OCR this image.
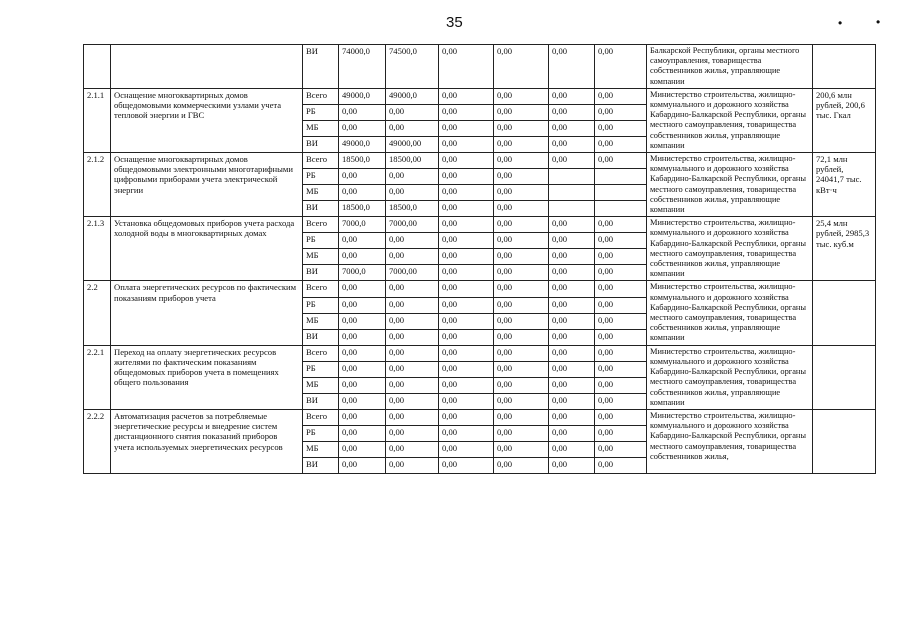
35	•	•
		ВИ	74000,0	74500,0	0,00	0,00	0,00	0,00	Балкарской Республики, органы местного самоуправления, товарищества собственников жилья, управляющие компании	
2.1.1	Оснащение многоквартирных домов общедомовыми коммерческими узлами учета тепловой энергии и ГВС	Всего	49000,0	49000,0	0,00	0,00	0,00	0,00	Министерство строительства, жилищно-коммунального и дорожного хозяйства Кабардино-Балкарской Республики, органы местного самоуправления, товарищества собственников жилья, управляющие компании	200,6 млн рублей, 200,6 тыс. Гкал
		РБ	0,00	0,00	0,00	0,00	0,00	0,00		
		МБ	0,00	0,00	0,00	0,00	0,00	0,00		
		ВИ	49000,0	49000,00	0,00	0,00	0,00	0,00		
2.1.2	Оснащение многоквартирных домов общедомовыми электронными многотарифными цифровыми приборами учета электрической энергии	Всего	18500,0	18500,00	0,00	0,00	0,00	0,00	Министерство строительства, жилищно-коммунального и дорожного хозяйства Кабардино-Балкарской Республики, органы местного самоуправления, товарищества собственников жилья, управляющие компании	72,1 млн рублей, 24041,7 тыс. кВт·ч
		РБ	0,00	0,00	0,00	0,00				
		МБ	0,00	0,00	0,00	0,00				
		ВИ	18500,0	18500,0	0,00	0,00				
2.1.3	Установка общедомовых приборов учета расхода холодной воды в многоквартирных домах	Всего	7000,0	7000,00	0,00	0,00	0,00	0,00	Министерство строительства, жилищно-коммунального и дорожного хозяйства Кабардино-Балкарской Республики, органы местного самоуправления, товарищества собственников жилья, управляющие компании	25,4 млн рублей, 2985,3 тыс. куб.м
		РБ	0,00	0,00	0,00	0,00	0,00	0,00		
		МБ	0,00	0,00	0,00	0,00	0,00	0,00		
		ВИ	7000,0	7000,00	0,00	0,00	0,00	0,00		
2.2	Оплата энергетических ресурсов по фактическим показаниям приборов учета	Всего	0,00	0,00	0,00	0,00	0,00	0,00	Министерство строительства, жилищно-коммунального и дорожного хозяйства Кабардино-Балкарской Республики, органы местного самоуправления, товарищества собственников жилья, управляющие компании	
		РБ	0,00	0,00	0,00	0,00	0,00	0,00		
		МБ	0,00	0,00	0,00	0,00	0,00	0,00		
		ВИ	0,00	0,00	0,00	0,00	0,00	0,00		
2.2.1	Переход на оплату энергетических ресурсов жителями по фактическим показаниям общедомовых приборов учета в помещениях общего пользования	Всего	0,00	0,00	0,00	0,00	0,00	0,00	Министерство строительства, жилищно-коммунального и дорожного хозяйства Кабардино-Балкарской Республики, органы местного самоуправления, товарищества собственников жилья, управляющие компании	
		РБ	0,00	0,00	0,00	0,00	0,00	0,00		
		МБ	0,00	0,00	0,00	0,00	0,00	0,00		
		ВИ	0,00	0,00	0,00	0,00	0,00	0,00		
2.2.2	Автоматизация расчетов за потребляемые энергетические ресурсы и внедрение систем дистанционного снятия показаний приборов учета используемых энергетических ресурсов	Всего	0,00	0,00	0,00	0,00	0,00	0,00	Министерство строительства, жилищно-коммунального и дорожного хозяйства Кабардино-Балкарской Республики, органы местного самоуправления, товарищества собственников жилья,	
		РБ	0,00	0,00	0,00	0,00	0,00	0,00		
		МБ	0,00	0,00	0,00	0,00	0,00	0,00		
		ВИ	0,00	0,00	0,00	0,00	0,00	0,00		
